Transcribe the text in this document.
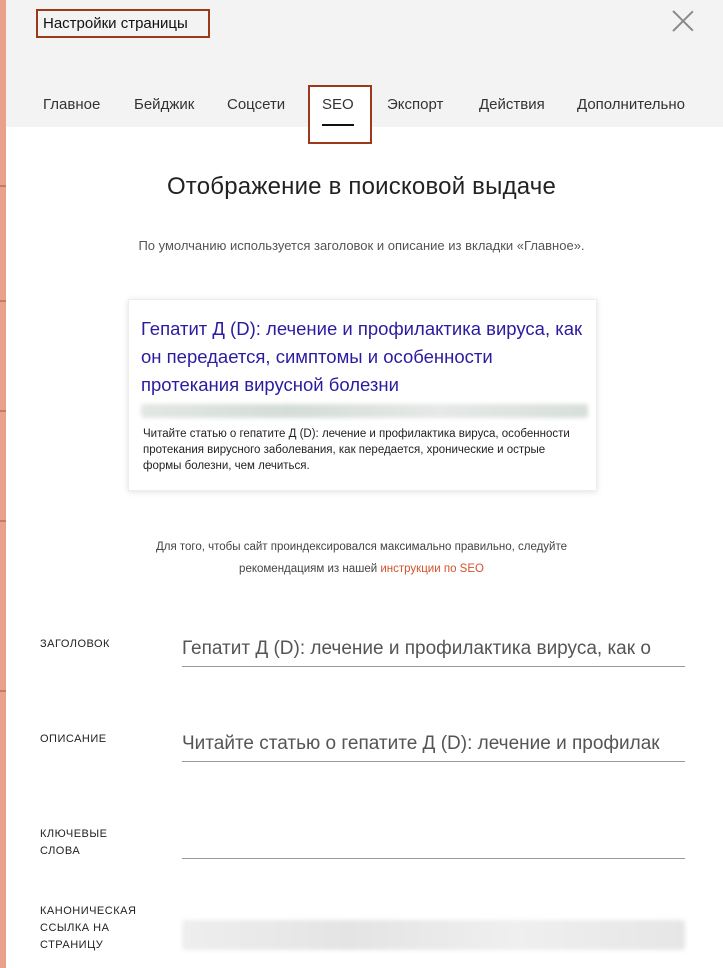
Настройки страницы
Главное Бейджик Соцсети SEO Экспорт Действия Дополнительно
Отображение в поисковой выдаче
По умолчанию используется заголовок и описание из вкладки «Главное».
Гепатит Д (D): лечение и профилактика вируса, как он передается, симптомы и особенности протекания вирусной болезни
Читайте статью о гепатите Д (D): лечение и профилактика вируса, особенности протекания вирусного заболевания, как передается, хронические и острые формы болезни, чем лечиться.
Для того, чтобы сайт проиндексировался максимально правильно, следуйте
рекомендациям из нашей инструкции по SEO
ЗАГОЛОВОК
Гепатит Д (D): лечение и профилактика вируса, как о
ОПИСАНИЕ
Читайте статью о гепатите Д (D): лечение и профилак
КЛЮЧЕВЫЕ СЛОВА
КАНОНИЧЕСКАЯ ССЫЛКА НА СТРАНИЦУ
